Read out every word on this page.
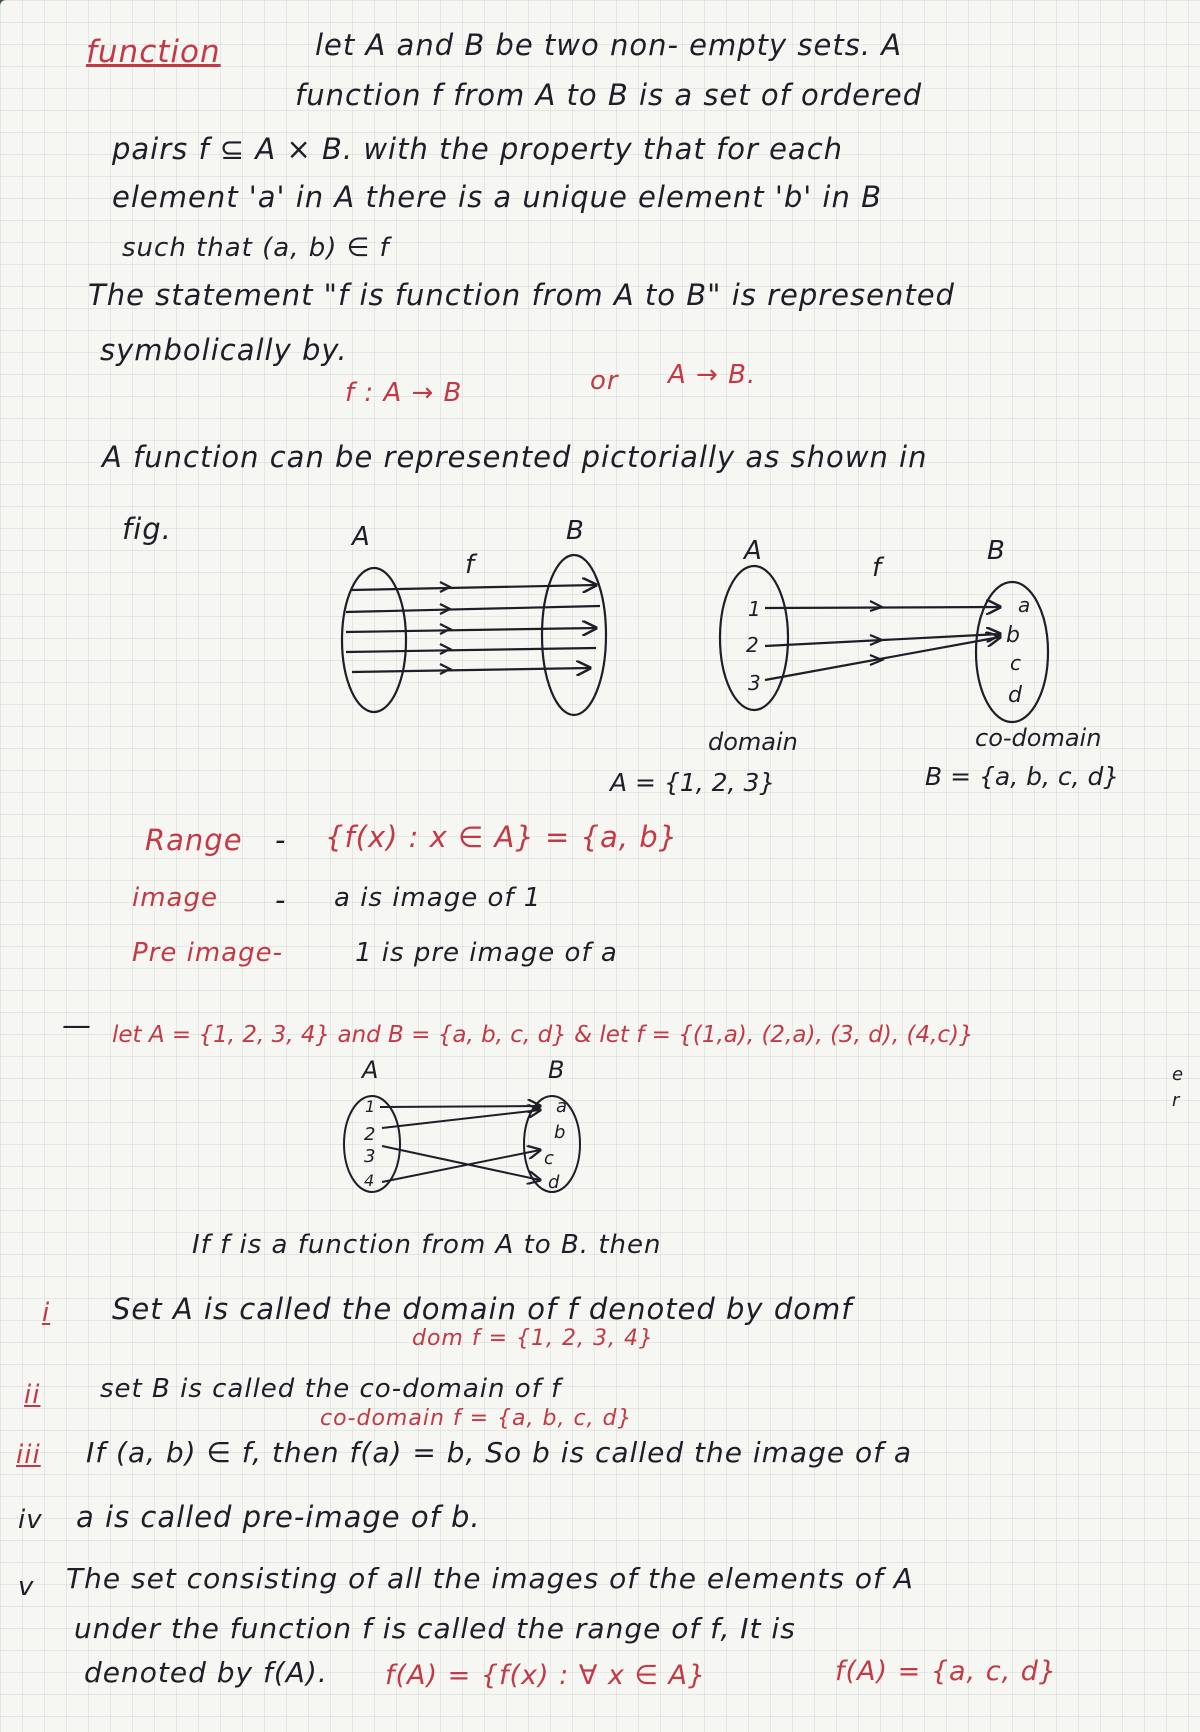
function	let A and B be two non- empty sets. A
function f from A to B is a set of ordered
pairs f ⊆ A × B. with the property that for each
element 'a' in A there is a unique element 'b' in B
such that (a, b) ∈ f
The statement "f is function from A to B" is represented
symbolically by.
f : A → B	or A → B.
A function can be represented pictorially as shown in
fig.	A	B
f	A	B
f
domain	co-domain
A = {1, 2, 3}	B = {a, b, c, d}
Range - {f(x) : x ∈ A} = {a, b}
image - a is image of 1
Pre image-	1 is pre image of a
— let A = {1, 2, 3, 4} and B = {a, b, c, d} & let f = {(1,a), (2,a), (3, d), (4,c)}
A	B	e
r
If f is a function from A to B. then
i Set A is called the domain of f denoted by domf
dom f = {1, 2, 3, 4}
ii set B is called the co-domain of f
co-domain f = {a, b, c, d}
iii If (a, b) ∈ f, then f(a) = b, So b is called the image of a
iv a is called pre-image of b.
v The set consisting of all the images of the elements of A
under the function f is called the range of f, It is
denoted by f(A). f(A) = {f(x) : ∀ x ∈ A}	f(A) = {a, c, d}
1
2
3
a
b
c
d
1
2
3
4
a
b
c
d
